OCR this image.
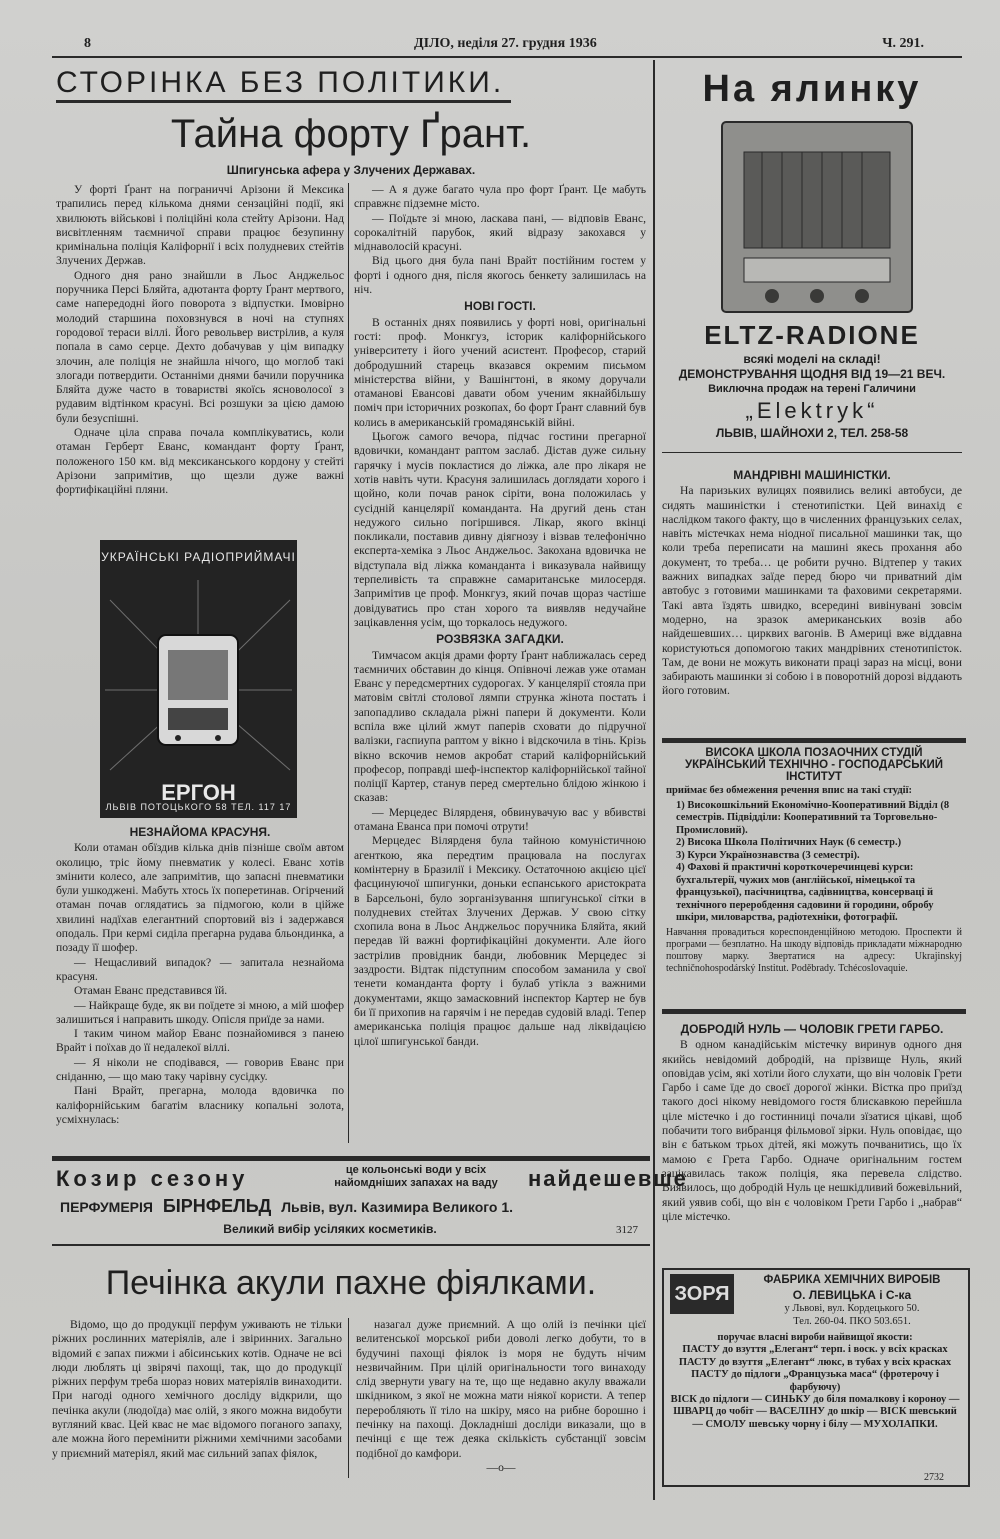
8	ДІЛО, неділя 27. грудня 1936	Ч. 291.
СТОРІНКА БЕЗ ПОЛІТИКИ.
Тайна форту Ґрант.
Шпигунська афера у Злучених Державах.

У форті Ґрант на пограниччі Арізони й Мексика трапились перед кількома днями сензаційні події, які хвилюють військові і поліційні кола стейту Арізони. Над висвітленням таємничої справи працює безупинну кримінальна поліція Каліфорнії і всіх полудневих стейтів Злучених Держав.

Одного дня рано знайшли в Льос Анджельос поручника Персі Бляйта, адютанта форту Ґрант мертвого, саме напередодні його поворота з відпустки. Імовірно молодий старшина поховзнувся в ночі на ступнях городової тераси віллі. Його револьвер вистрілив, а куля попала в само серце. Дехто добачував у цім випадку злочин, але поліція не знайшла нічого, що моглоб такі злогади потвердити. Останніми днями бачили поручника Бляйта дуже часто в товаристві якоїсь ясноволосої з рудавим відтінком красуні. Всі розшуки за цією дамою були безуспішні.

Одначе ціла справа почала комплікуватись, коли отаман Герберт Еванс, командант форту Ґрант, положеного 150 км. від мексиканського кордону у стейті Арізони запримітив, що щезли дуже важні фортифікаційні пляни.

УКРАЇНСЬКІ РАДІОПРИЙМАЧІ
ЕРГОН
ЛЬВІВ ПОТОЦЬКОГО 58 ТЕЛ. 117 17
НЕЗНАЙОМА КРАСУНЯ.

Коли отаман обїздив кілька днів пізніше своїм автом околицю, тріс йому пневматик у колесі. Еванс хотів змінити колесо, але запримітив, що запасні пневматики були ушкоджені. Мабуть хтось їх поперетинав. Огірчений отаман почав оглядатись за підмогою, коли в ційже хвилині надїхав елегантний спортовий віз і задержався оподаль. При кермі сиділа прегарна рудава бльондинка, а позаду її шофер.

— Нещасливий випадок? — запитала незнайома красуня.

Отаман Еванс представився їй.

— Найкраще буде, як ви поїдете зі мною, а мій шофер залишиться і направить шкоду. Опісля приїде за нами.

І таким чином майор Еванс познайомився з панею Врайт і поїхав до її недалекої віллі.

— Я ніколи не сподівався, — говорив Еванс при сніданню, — що маю таку чарівну сусідку.

Пані Врайт, прегарна, молода вдовичка по каліфорнійським багатім власнику копальні золота, усміхнулась:

— А я дуже багато чула про форт Ґрант. Це мабуть справжнє підземне місто.

— Поїдьте зі мною, ласкава пані, — відповів Еванс, сорокалітній парубок, який відразу закохався у міднаволосій красуні.

Від цього дня була пані Врайт постійним гостем у форті і одного дня, після якогось бенкету залишилась на ніч.

НОВІ ГОСТІ.

В останніх днях появились у форті нові, оригінальні гості: проф. Монкгуз, історик каліфорнійського університету і його учений асистент. Професор, старий добродушний старець вказався окремим письмом міністерства війни, у Вашінгтоні, в якому доручали отаманові Евансові давати обом ученим якнайбільшу поміч при історичних розкопах, бо форт Ґрант славний був колись в американській громадянській війні.

Цьогож самого вечора, підчас гостини прегарної вдовички, командант раптом заслаб. Дістав дуже сильну гарячку і мусів покластися до ліжка, але про лікаря не хотів навіть чути. Красуня залишилась доглядати хорого і щойно, коли почав ранок сіріти, вона положилась у сусідній канцелярії команданта. На другий день стан недужого сильно погіршився. Лікар, якого вкінці покликали, поставив дивну діягнозу і візвав телефонічно експерта-хеміка з Льос Анджельос. Закохана вдовичка не відступала від ліжка команданта і виказувала найвищу терпеливість та справжне самаританське милосердя. Запримітив це проф. Монкгуз, який почав щораз частіше довідуватись про стан хорого та виявляв недучайне зацікавлення усім, що торкалось недужого.

РОЗВЯЗКА ЗАГАДКИ.

Тимчасом акція драми форту Ґрант наближалась серед таємничих обставин до кінця. Опівночі лежав уже отаман Еванс у передсмертних судорогах. У канцелярії стояла при матовім світлі столової лямпи струнка жінота постать і запопадливо складала ріжні папери й документи. Коли вспіла вже цілий жмут паперів сховати до підручної валізки, гаспиупа раптом у вікно і відскочила в тінь. Крізь вікно вскочив немов акробат старий каліфорнійський професор, поправді шеф-інспектор каліфорнійської тайної поліції Картер, станув перед смертельно блідою жінкою і сказав:

— Мерцедес Вілярденя, обвинувачую вас у вбивстві отамана Еванса при помочі отрути!

Мерцедес Вілярденя була тайною комуністичною агенткою, яка передтим працювала на послугах комінтерну в Бразилії і Мексику. Остаточною акцією цієї фасцинуючої шпигунки, доньки еспанського аристократа в Барсельоні, було зорганізування шпигунської сітки в полудневих стейтах Злучених Держав. У свою сітку схопила вона в Льос Анджельос поручника Бляйта, який передав їй важні фортифікаційні документи. Але його застрілив провідник банди, любовник Мерцедес зі заздрости. Відтак підступним способом заманила у свої тенети команданта форту і булаб утікла з важними документами, якщо замасковний інспектор Картер не був би її прихопив на гарячім і не передав судовій владі. Тепер американська поліція працює дальше над ліквідацією цілої шпигунської банди.

На ялинку
ELTZ-RADIONE
всякі моделі на складі!
ДЕМОНСТРУВАННЯ ЩОДНЯ ВІД 19—21 ВЕЧ.
Виключна продаж на терені Галичини
„Elektryk“
ЛЬВІВ, ШАЙНОХИ 2, ТЕЛ. 258-58
МАНДРІВНІ МАШИНІСТКИ.

На паризьких вулицях появились великі автобуси, де сидять машиністки і стенотипістки. Цей винахід є наслідком такого факту, що в численних французьких селах, навіть містечках нема ніодної писальної машинки так, що коли треба переписати на машині якесь прохання або документ, то треба… це робити ручно. Відтепер у таких важних випадках заїде перед бюро чи приватний дім автобус з готовими машинками та фаховими секретарями. Такі авта їздять швидко, всередині вивінувані зовсім модерно, на зразок американських возів або найдешевших… цирквих вагонів. В Америці вже віддавна користуються допомогою таких мандрівних стенотипісток. Там, де вони не можуть виконати праці зараз на місці, вони забирають машинки зі собою і в поворотній дорозі віддають його готовим.

ВИСОКА ШКОЛА ПОЗАОЧНИХ СТУДІЙ
УКРАЇНСЬКИЙ ТЕХНІЧНО - ГОСПОДАРСЬКИЙ ІНСТИТУТ
приймає без обмеження речення впис на такі студії:
1) Високошкільний Економічно-Кооперативний Відділ (8 семестрів. Підвідділи: Кооперативний та Торговельно-Промисловий).
2) Висока Школа Політичних Наук (6 семестр.)
3) Курси Українознавства (3 семестрі).
4) Фахові й практичні короткочеречинцеві курси: бухгальтерії, чужих мов (англійської, німецької та французької), пасічництва, садівництва, консерваці й технічного переробдення садовини й городини, обробу шкіри, миловарства, радіотехніки, фотографії.
Навчання провадиться кореспонденційною методою. Проспекти й програми — безплатно. На шкоду відповідь прикладати міжнародню поштову марку. Звертатися на адресу: Ukrajinskyj techničnohospodárský Institut. Poděbrady. Tchécoslovaquie.
ДОБРОДІЙ НУЛЬ — ЧОЛОВІК ГРЕТИ ГАРБО.

В одном канадійськім містечку виринув одного дня якийсь невідомий добродій, на прізвище Нуль, який оповідав усім, які хотіли його слухати, що він чоловік Грети Гарбо і саме їде до своєї дорогої жінки. Вістка про приїзд такого досі нікому невідомого гостя блискавкою перейшла ціле містечко і до гостинниці почали зїзатися цікаві, щоб побачити того вибранця фільмової зірки. Нуль оповідає, що він є батьком трьох дітей, які можуть почванитись, що їх мамою є Грета Гарбо. Одначе оригінальним гостем зацікавилась також поліція, яка перевела слідство. Виявилось, що добродій Нуль це нешкідливий божевільний, який уявив собі, що він є чоловіком Грети Гарбо і „набрав“ ціле містечко.

ЗОРЯ
ФАБРИКА ХЕМІЧНИХ ВИРОБІВ
О. ЛЕВИЦЬКА і С-ка
у Львові, вул. Кордецького 50.
Тел. 260-04. ПКО 503.651.
поручає власні вироби найвищої якости:
ПАСТУ до взуття „Елегант“ терп. і воск. у всіх красках
ПАСТУ до взуття „Елегант“ люкс, в тубах у всіх красках
ПАСТУ до підлоги „Французька маса“ (фротерочу і фарбуючу)
ВІСК до підлоги — СИНЬКУ до біля помалкову і короноу — ШВАРЦ до чобіт — ВАСЕЛІНУ до шкір — ВІСК шевський — СМОЛУ шевську чорну і білу — МУХОЛАПКИ.
2732
Козир сезону	це кольонські води у всіх
найомдніших запахах на ваду	найдешевше
ПЕРФУМЕРІЯ БІРНФЕЛЬД Львів, вул. Казимира Великого 1.
Великий вибір усіляких косметиків.	3127
Печінка акули пахне фіялками.

Відомо, що до продукції перфум уживають не тільки ріжних рослинних матеріялів, але і звіринних. Загально відомий є запах пижми і абісинських котів. Одначе не всі люди люблять ці звірячі пахощі, так, що до продукції ріжних перфум треба шораз нових матеріялів винаходити. При нагоді одного хемічного досліду відкрили, що печінка акули (людоїда) має олій, з якого можна видобути вугляний квас. Цей квас не має відомого поганого запаху, але можна його перемінити ріжними хемічними засобами у приємний матеріял, який має сильний запах фіялок,

назагал дуже приємний. А що олій із печінки цієї велитенської морської риби доволі легко добути, то в будучині пахощі фіялок із моря не будуть нічим незвичайним. При цілій оригінальности того винаходу слід звернути увагу на те, що ще недавно акулу вважали шкідником, з якої не можна мати ніякої користи. А тепер переробляють її тіло на шкіру, мясо на рибне борошно і печінку на пахощі. Докладніші досліди виказали, що в печінці є ще теж деяка скількість субстанції зовсім подібної до камфори.

—о—
